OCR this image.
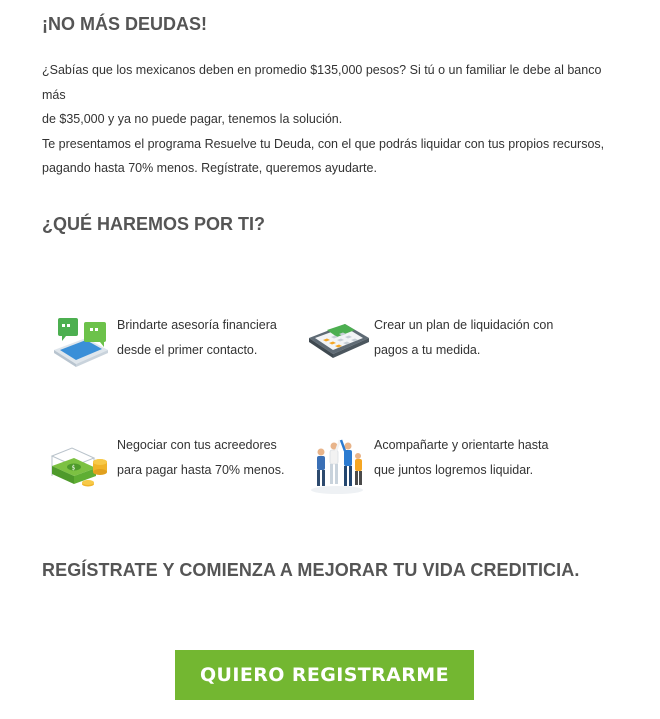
¡NO MÁS DEUDAS!

¿Sabías que los mexicanos deben en promedio $135,000 pesos? Si tú o un familiar le debe al banco más

de $35,000 y ya no puede pagar, tenemos la solución.

Te presentamos el programa Resuelve tu Deuda, con el que podrás liquidar con tus propios recursos,

pagando hasta 70% menos. Regístrate, queremos ayudarte.

¿QUÉ HAREMOS POR TI?
Brindarte asesoría financiera
desde el primer contacto.
Crear un plan de liquidación con
pagos a tu medida.
$
Negociar con tus acreedores
para pagar hasta 70% menos.
Acompañarte y orientarte hasta
que juntos logremos liquidar.
REGÍSTRATE Y COMIENZA A MEJORAR TU VIDA CREDITICIA.
QUIERO REGISTRARME
